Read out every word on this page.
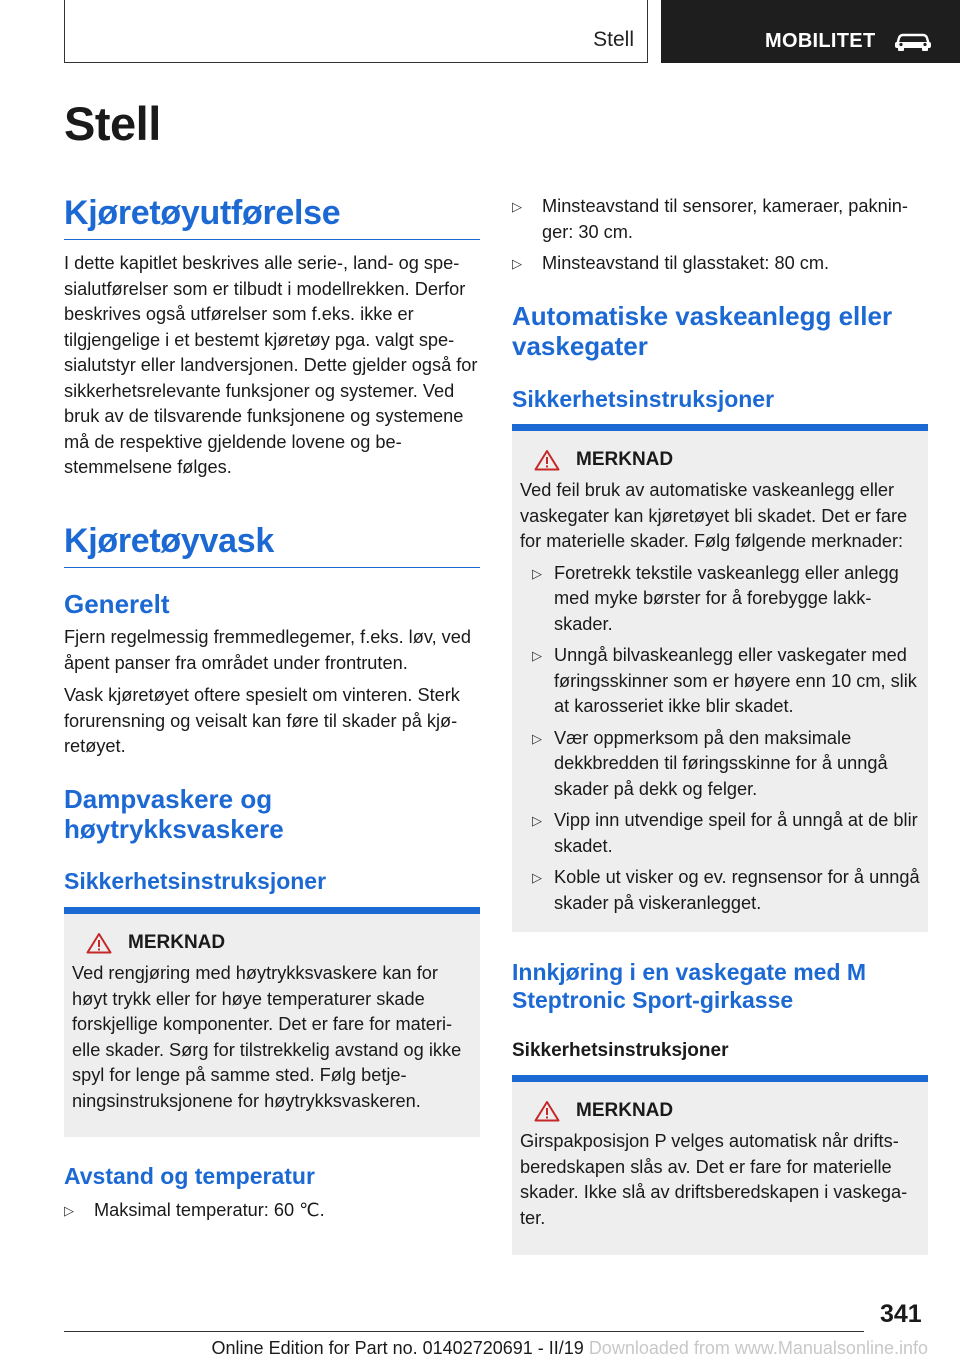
Stell	MOBILITET
Stell
Kjøretøyutførelse

I dette kapitlet beskrives alle serie-, land- og spesialutførelser som er tilbudt i modellrekken. Derfor beskrives også utførelser som f.eks. ikke er tilgjengelige i et bestemt kjøretøy pga. valgt spesialutstyr eller landversjonen. Dette gjelder også for sikkerhetsrelevante funksjoner og systemer. Ved bruk av de tilsvarende funksjonene og systemene må de respektive gjeldende lovene og bestemmelsene følges.

Kjøretøyvask
Generelt

Fjern regelmessig fremmedlegemer, f.eks. løv, ved åpent panser fra området under frontruten.

Vask kjøretøyet oftere spesielt om vinteren. Sterk forurensning og veisalt kan føre til skader på kjøretøyet.

Dampvaskere og høytrykksvaskere
Sikkerhetsinstruksjoner

MERKNAD

Ved rengjøring med høytrykksvaskere kan for høyt trykk eller for høye temperaturer skade forskjellige komponenter. Det er fare for materielle skader. Sørg for tilstrekkelig avstand og ikke spyl for lenge på samme sted. Følg betjeningsinstruksjonene for høytrykksvaskeren.

Avstand og temperatur

▷ Maksimal temperatur: 60 ℃.

▷ Minsteavstand til sensorer, kameraer, pakninger: 30 cm.

▷ Minsteavstand til glasstaket: 80 cm.

Automatiske vaskeanlegg eller vaskegater
Sikkerhetsinstruksjoner

MERKNAD

Ved feil bruk av automatiske vaskeanlegg eller vaskegater kan kjøretøyet bli skadet. Det er fare for materielle skader. Følg følgende merknader:

▷ Foretrekk tekstile vaskeanlegg eller anlegg med myke børster for å forebygge lakkskader.

▷ Unngå bilvaskeanlegg eller vaskegater med føringsskinner som er høyere enn 10 cm, slik at karosseriet ikke blir skadet.

▷ Vær oppmerksom på den maksimale dekkbredden til føringsskinne for å unngå skader på dekk og felger.

▷ Vipp inn utvendige speil for å unngå at de blir skadet.

▷ Koble ut visker og ev. regnsensor for å unngå skader på viskeranlegget.

Innkjøring i en vaskegate med M Steptronic Sport-girkasse
Sikkerhetsinstruksjoner

MERKNAD

Girspakposisjon P velges automatisk når driftsberedskapen slås av. Det er fare for materielle skader. Ikke slå av driftsberedskapen i vaskegater.

341
Online Edition for Part no. 01402720691 - II/19 Downloaded from www.Manualsonline.info
